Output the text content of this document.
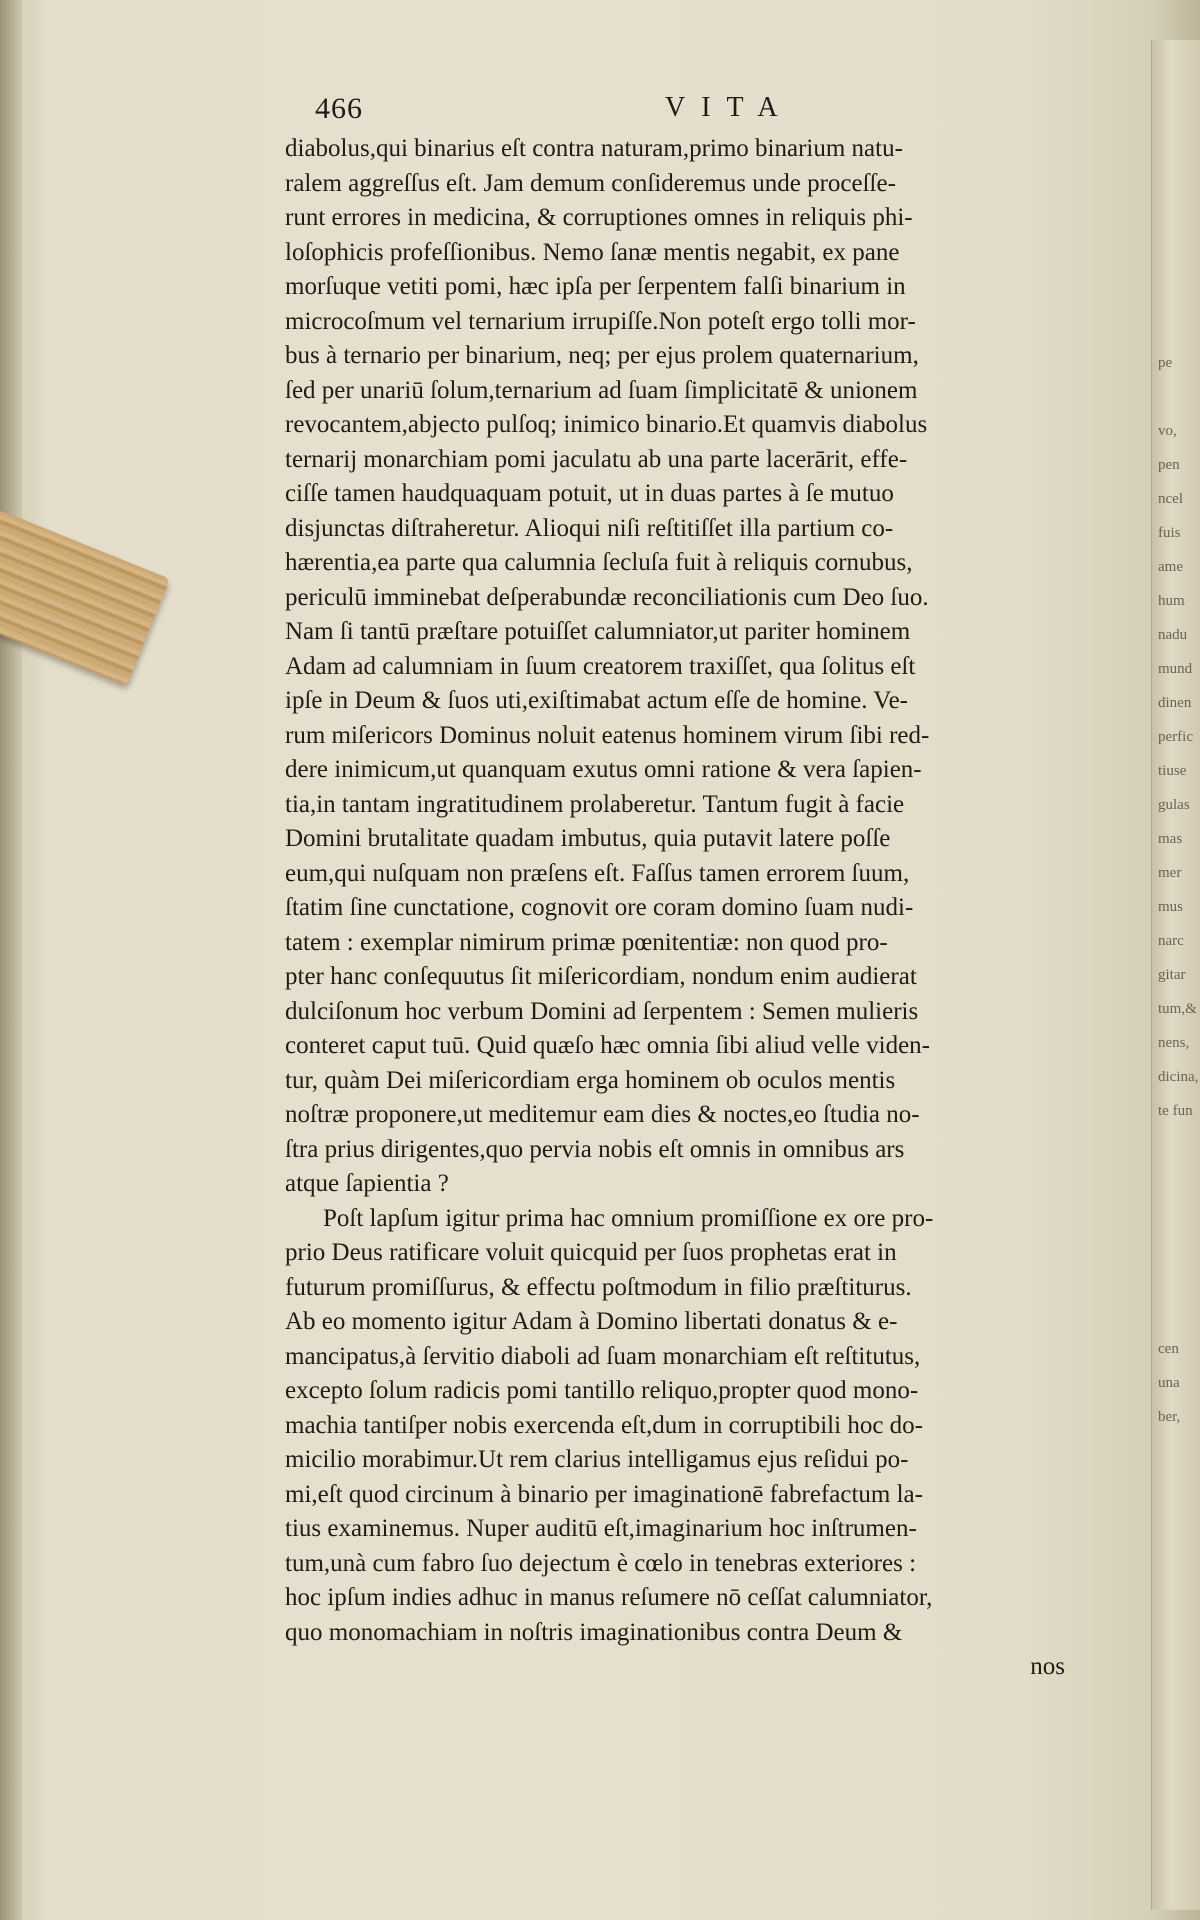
pe
vo,
pen
ncel
fuis
ame
hum
nadu
mund
dinen
perfic
tiuse
gulas
mas
mer
mus
narc
gitar
tum,&
nens,
dicina,
te fun
cen
una
ber,
466	VITA
diabolus,qui binarius eſt contra naturam,primo binarium natu-
ralem aggreſſus eſt. Jam demum conſideremus unde proceſſe-
runt errores in medicina, & corruptiones omnes in reliquis phi-
loſophicis profeſſionibus. Nemo ſanæ mentis negabit, ex pane
morſuque vetiti pomi, hæc ipſa per ſerpentem falſi binarium in
microcoſmum vel ternarium irrupiſſe.Non poteſt ergo tolli mor-
bus à ternario per binarium, neq; per ejus prolem quaternarium,
ſed per unariū ſolum,ternarium ad ſuam ſimplicitatē & unionem
revocantem,abjecto pulſoq; inimico binario.Et quamvis diabolus
ternarij monarchiam pomi jaculatu ab una parte lacerārit, effe-
ciſſe tamen haudquaquam potuit, ut in duas partes à ſe mutuo
disjunctas diſtraheretur. Alioqui niſi reſtitiſſet illa partium co-
hærentia,ea parte qua calumnia ſecluſa fuit à reliquis cornubus,
periculū imminebat deſperabundæ reconciliationis cum Deo ſuo.
Nam ſi tantū præſtare potuiſſet calumniator,ut pariter hominem
Adam ad calumniam in ſuum creatorem traxiſſet, qua ſolitus eſt
ipſe in Deum & ſuos uti,exiſtimabat actum eſſe de homine. Ve-
rum miſericors Dominus noluit eatenus hominem virum ſibi red-
dere inimicum,ut quanquam exutus omni ratione & vera ſapien-
tia,in tantam ingratitudinem prolaberetur. Tantum fugit à facie
Domini brutalitate quadam imbutus, quia putavit latere poſſe
eum,qui nuſquam non præſens eſt. Faſſus tamen errorem ſuum,
ſtatim ſine cunctatione, cognovit ore coram domino ſuam nudi-
tatem : exemplar nimirum primæ pœnitentiæ: non quod pro-
pter hanc conſequutus ſit miſericordiam, nondum enim audierat
dulciſonum hoc verbum Domini ad ſerpentem : Semen mulieris
conteret caput tuū. Quid quæſo hæc omnia ſibi aliud velle viden-
tur, quàm Dei miſericordiam erga hominem ob oculos mentis
noſtræ proponere,ut meditemur eam dies & noctes,eo ſtudia no-
ſtra prius dirigentes,quo pervia nobis eſt omnis in omnibus ars
atque ſapientia ?
Poſt lapſum igitur prima hac omnium promiſſione ex ore pro-
prio Deus ratificare voluit quicquid per ſuos prophetas erat in
futurum promiſſurus, & effectu poſtmodum in filio præſtiturus.
Ab eo momento igitur Adam à Domino libertati donatus & e-
mancipatus,à ſervitio diaboli ad ſuam monarchiam eſt reſtitutus,
excepto ſolum radicis pomi tantillo reliquo,propter quod mono-
machia tantiſper nobis exercenda eſt,dum in corruptibili hoc do-
micilio morabimur.Ut rem clarius intelligamus ejus reſidui po-
mi,eſt quod circinum à binario per imaginationē fabrefactum la-
tius examinemus. Nuper auditū eſt,imaginarium hoc inſtrumen-
tum,unà cum fabro ſuo dejectum è cœlo in tenebras exteriores :
hoc ipſum indies adhuc in manus reſumere nō ceſſat calumniator,
quo monomachiam in noſtris imaginationibus contra Deum &
nos
